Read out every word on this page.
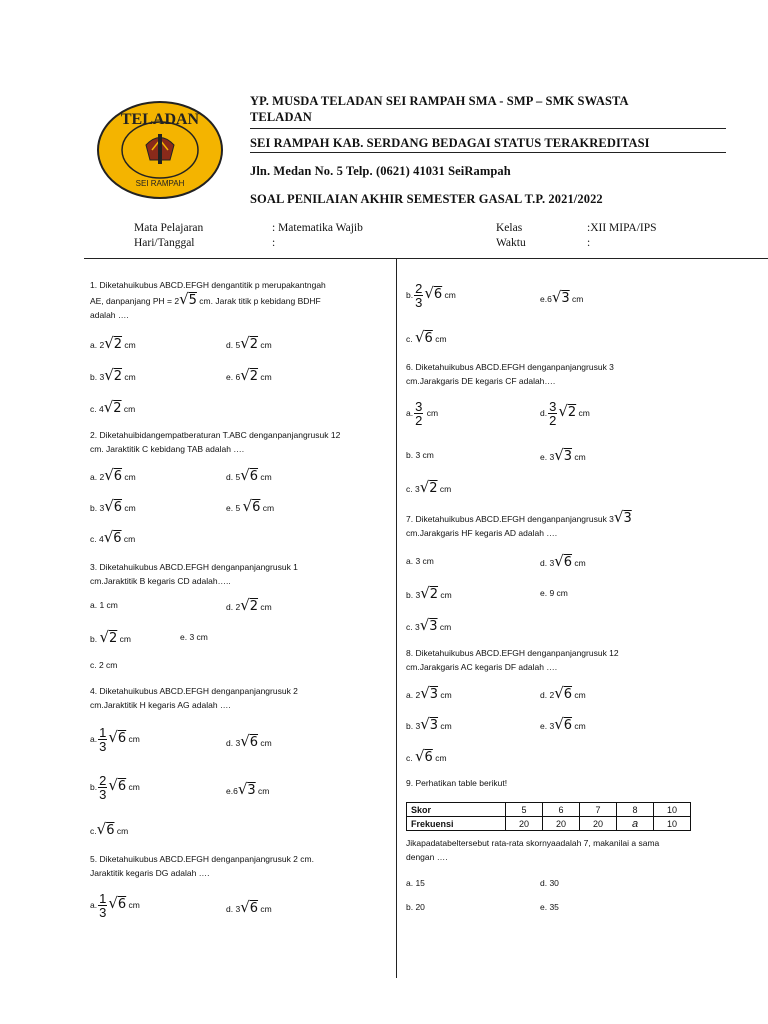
TELADAN
SEI RAMPAH
YP. MUSDA TELADAN SEI RAMPAH SMA - SMP – SMK SWASTA
TELADAN
SEI RAMPAH KAB. SERDANG BEDAGAI STATUS TERAKREDITASI
Jln. Medan No. 5 Telp. (0621) 41031 SeiRampah
SOAL PENILAIAN AKHIR SEMESTER GASAL T.P. 2021/2022
Mata Pelajaran	: Matematika Wajib	Kelas	:XII MIPA/IPS
Hari/Tanggal	:	Waktu	:
1. Diketahuikubus ABCD.EFGH dengantitik p merupakantngah
AE, danpanjang PH = 2√5 cm. Jarak titik p kebidang BDHF
adalah ….
a. 2√2 cm	d. 5√2 cm
b. 3√2 cm	e. 6√2 cm
c. 4√2 cm
2. Diketahuibidangempatberaturan T.ABC denganpanjangrusuk 12
cm. Jaraktitik C kebidang TAB adalah ….
a. 2√6 cm	d. 5√6 cm
b. 3√6 cm	e. 5 √6 cm
c. 4√6 cm
3. Diketahuikubus ABCD.EFGH denganpanjangrusuk 1
cm.Jaraktitik B kegaris CD adalah…..
a. 1 cm	d. 2√2 cm
b. √2 cm	e. 3 cm
c. 2 cm
4. Diketahuikubus ABCD.EFGH denganpanjangrusuk 2
cm.Jaraktitik H kegaris AG adalah ….
a. $\frac{1}{3} √6$ cm	d. 3√6 cm
b. $\frac{2}{3} √6$ cm	e.6√3 cm
c.√6 cm
5. Diketahuikubus ABCD.EFGH denganpanjangrusuk 2 cm.
Jaraktitik kegaris DG adalah ….
a. $\frac{1}{3} √6$ cm	d. 3√6 cm
b. $\frac{2}{3} √6$ cm	e.6√3 cm
c. √6 cm
6. Diketahuikubus ABCD.EFGH denganpanjangrusuk 3
cm.Jarakgaris DE kegaris CF adalah….
a. $\frac{3}{2}$ cm	d. $\frac{3}{2} √2$ cm
b. 3 cm	e. 3√3 cm
c. 3√2 cm
7. Diketahuikubus ABCD.EFGH denganpanjangrusuk 3√3
cm.Jarakgaris HF kegaris AD adalah ….
a. 3 cm	d. 3√6 cm
b. 3√2 cm	e. 9 cm
c. 3√3 cm
8. Diketahuikubus ABCD.EFGH denganpanjangrusuk 12
cm.Jarakgaris AC kegaris DF adalah ….
a. 2√3 cm	d. 2√6 cm
b. 3√3 cm	e. 3√6 cm
c. √6 cm
9. Perhatikan table berikut!
Skor	5	6	7	8	10
Frekuensi	20	20	20	a	10
Jikapadatabeltersebut rata-rata skornyaadalah 7, makanilai a sama
dengan ….
a. 15	d. 30
b. 20	e. 35
